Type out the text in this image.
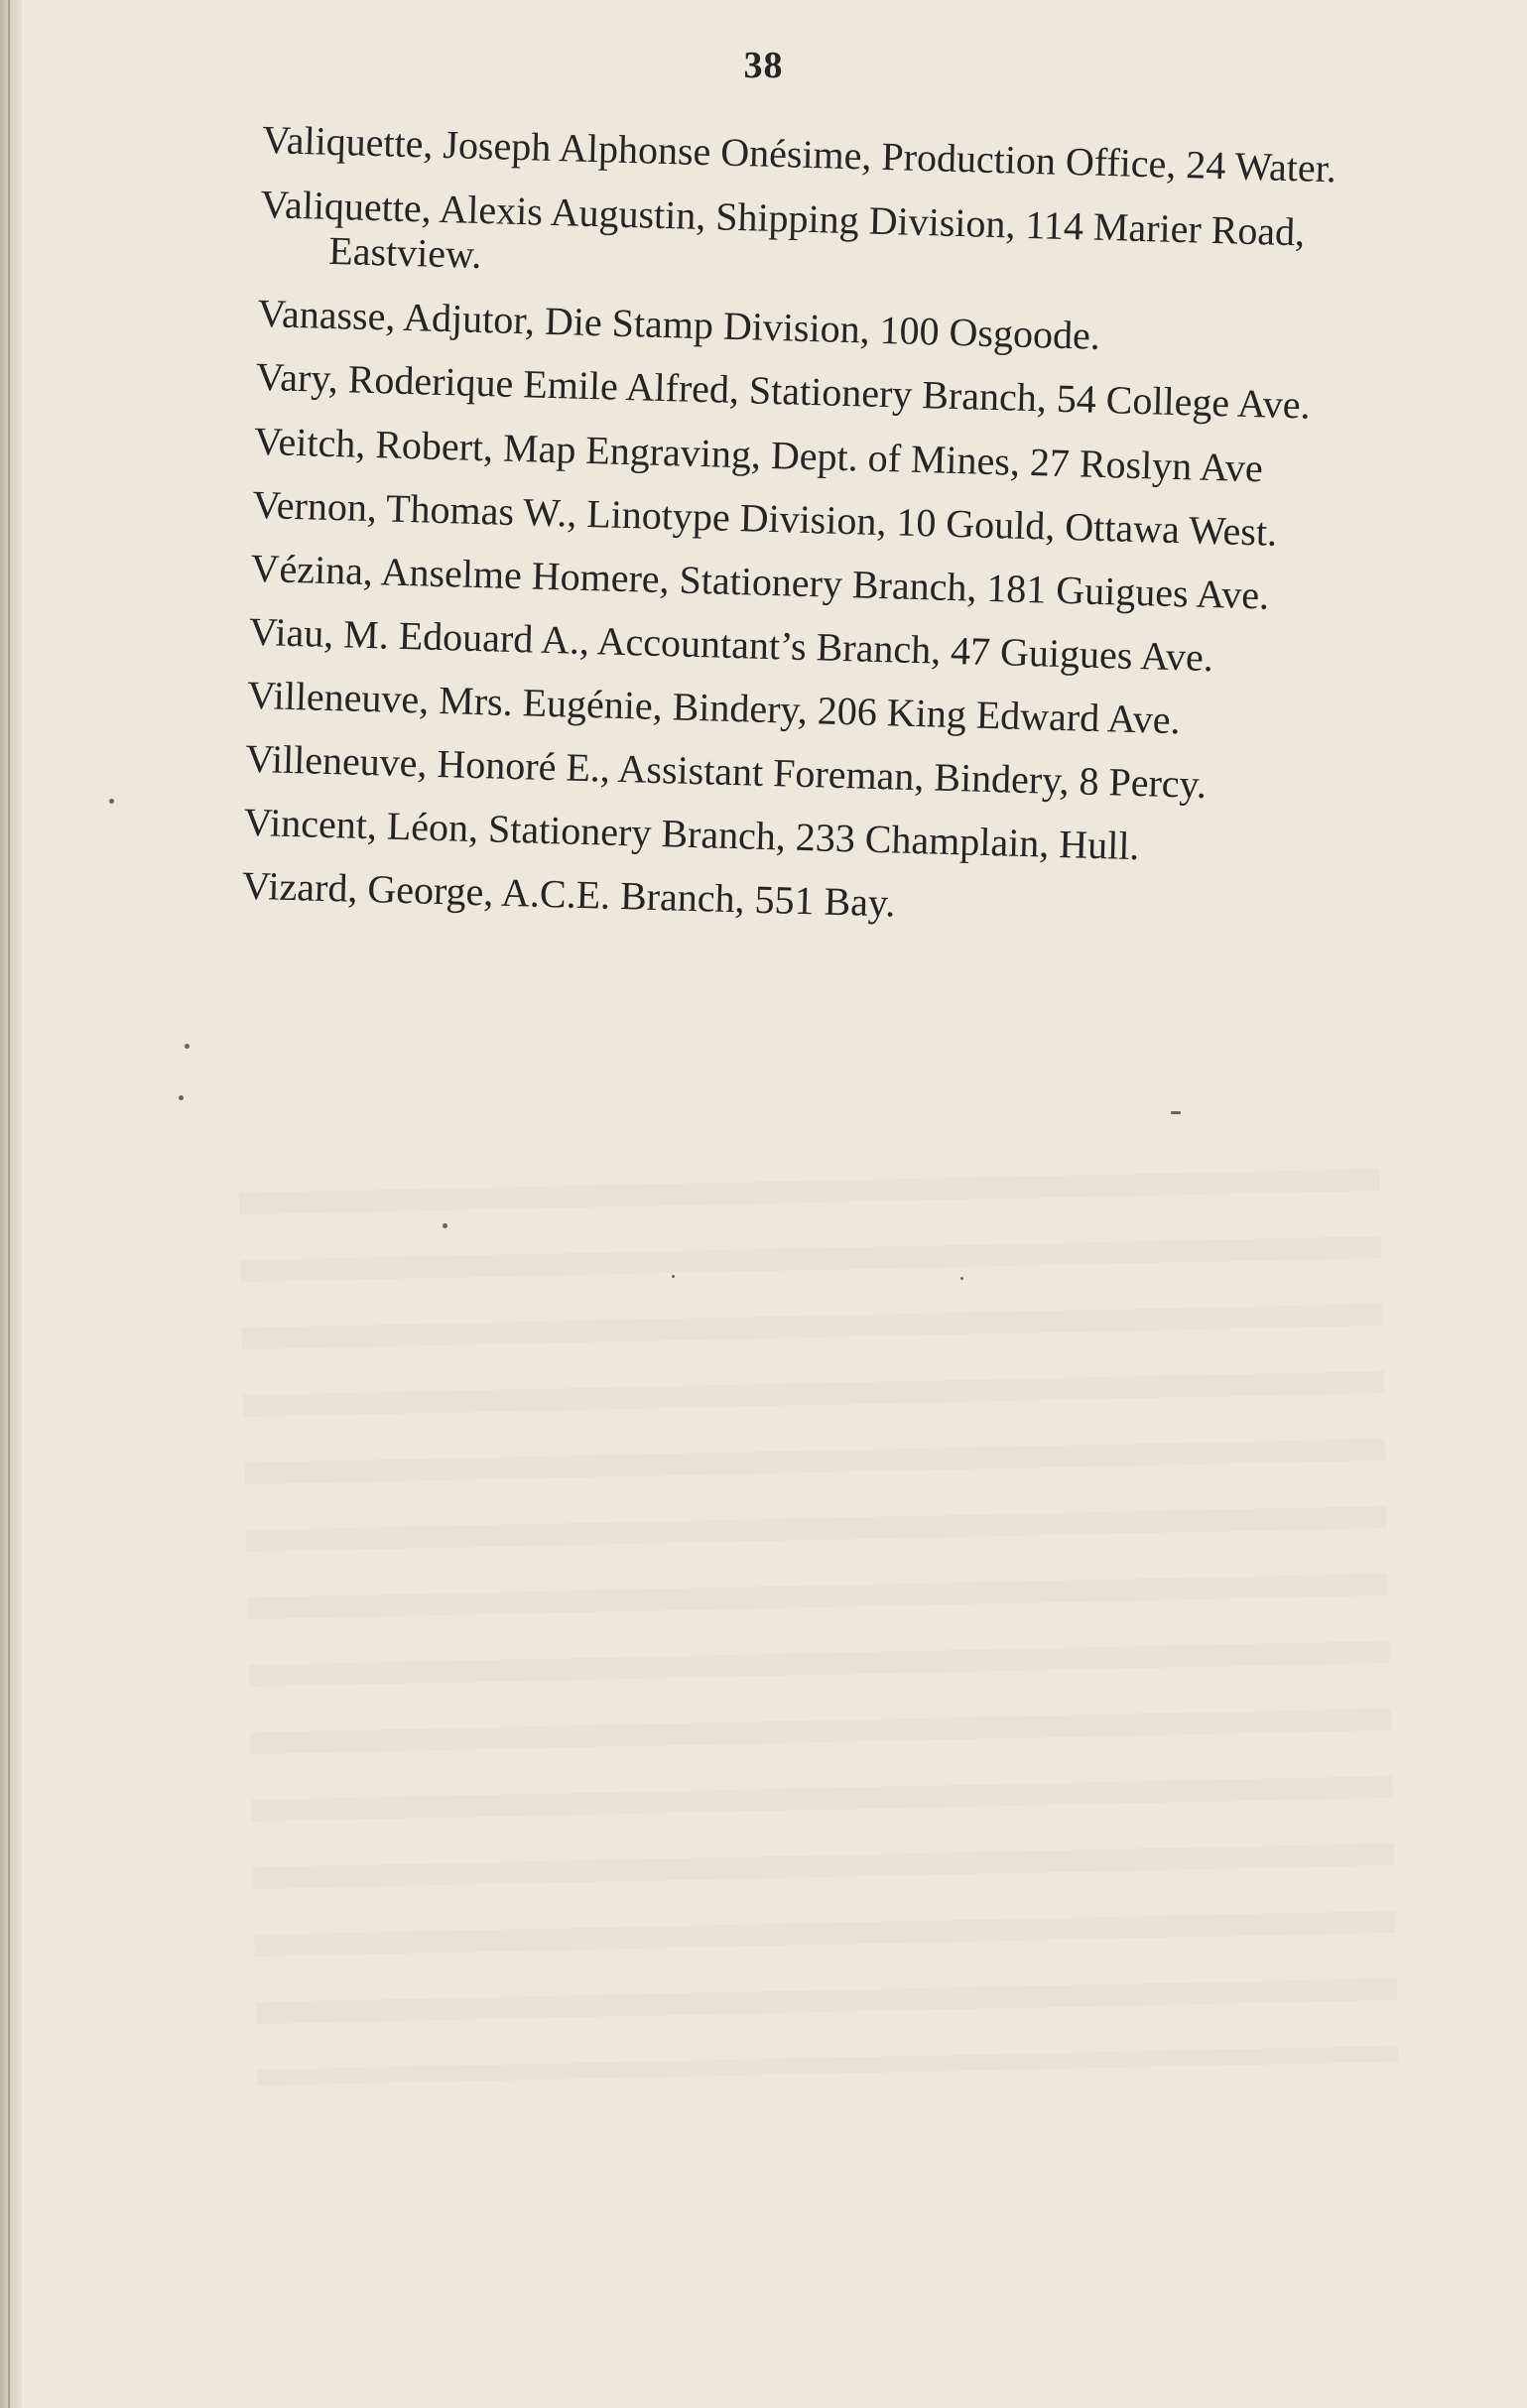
38

Valiquette, Joseph Alphonse Onésime, Production Office, 24 Water.

Valiquette, Alexis Augustin, Shipping Division, 114 Marier Road, Eastview.

Vanasse, Adjutor, Die Stamp Division, 100 Osgoode.

Vary, Roderique Emile Alfred, Stationery Branch, 54 College Ave.

Veitch, Robert, Map Engraving, Dept. of Mines, 27 Roslyn Ave

Vernon, Thomas W., Linotype Division, 10 Gould, Ottawa West.

Vézina, Anselme Homere, Stationery Branch, 181 Guigues Ave.

Viau, M. Edouard A., Accountant’s Branch, 47 Guigues Ave.

Villeneuve, Mrs. Eugénie, Bindery, 206 King Edward Ave.

Villeneuve, Honoré E., Assistant Foreman, Bindery, 8 Percy.

Vincent, Léon, Stationery Branch, 233 Champlain, Hull.

Vizard, George, A.C.E. Branch, 551 Bay.
